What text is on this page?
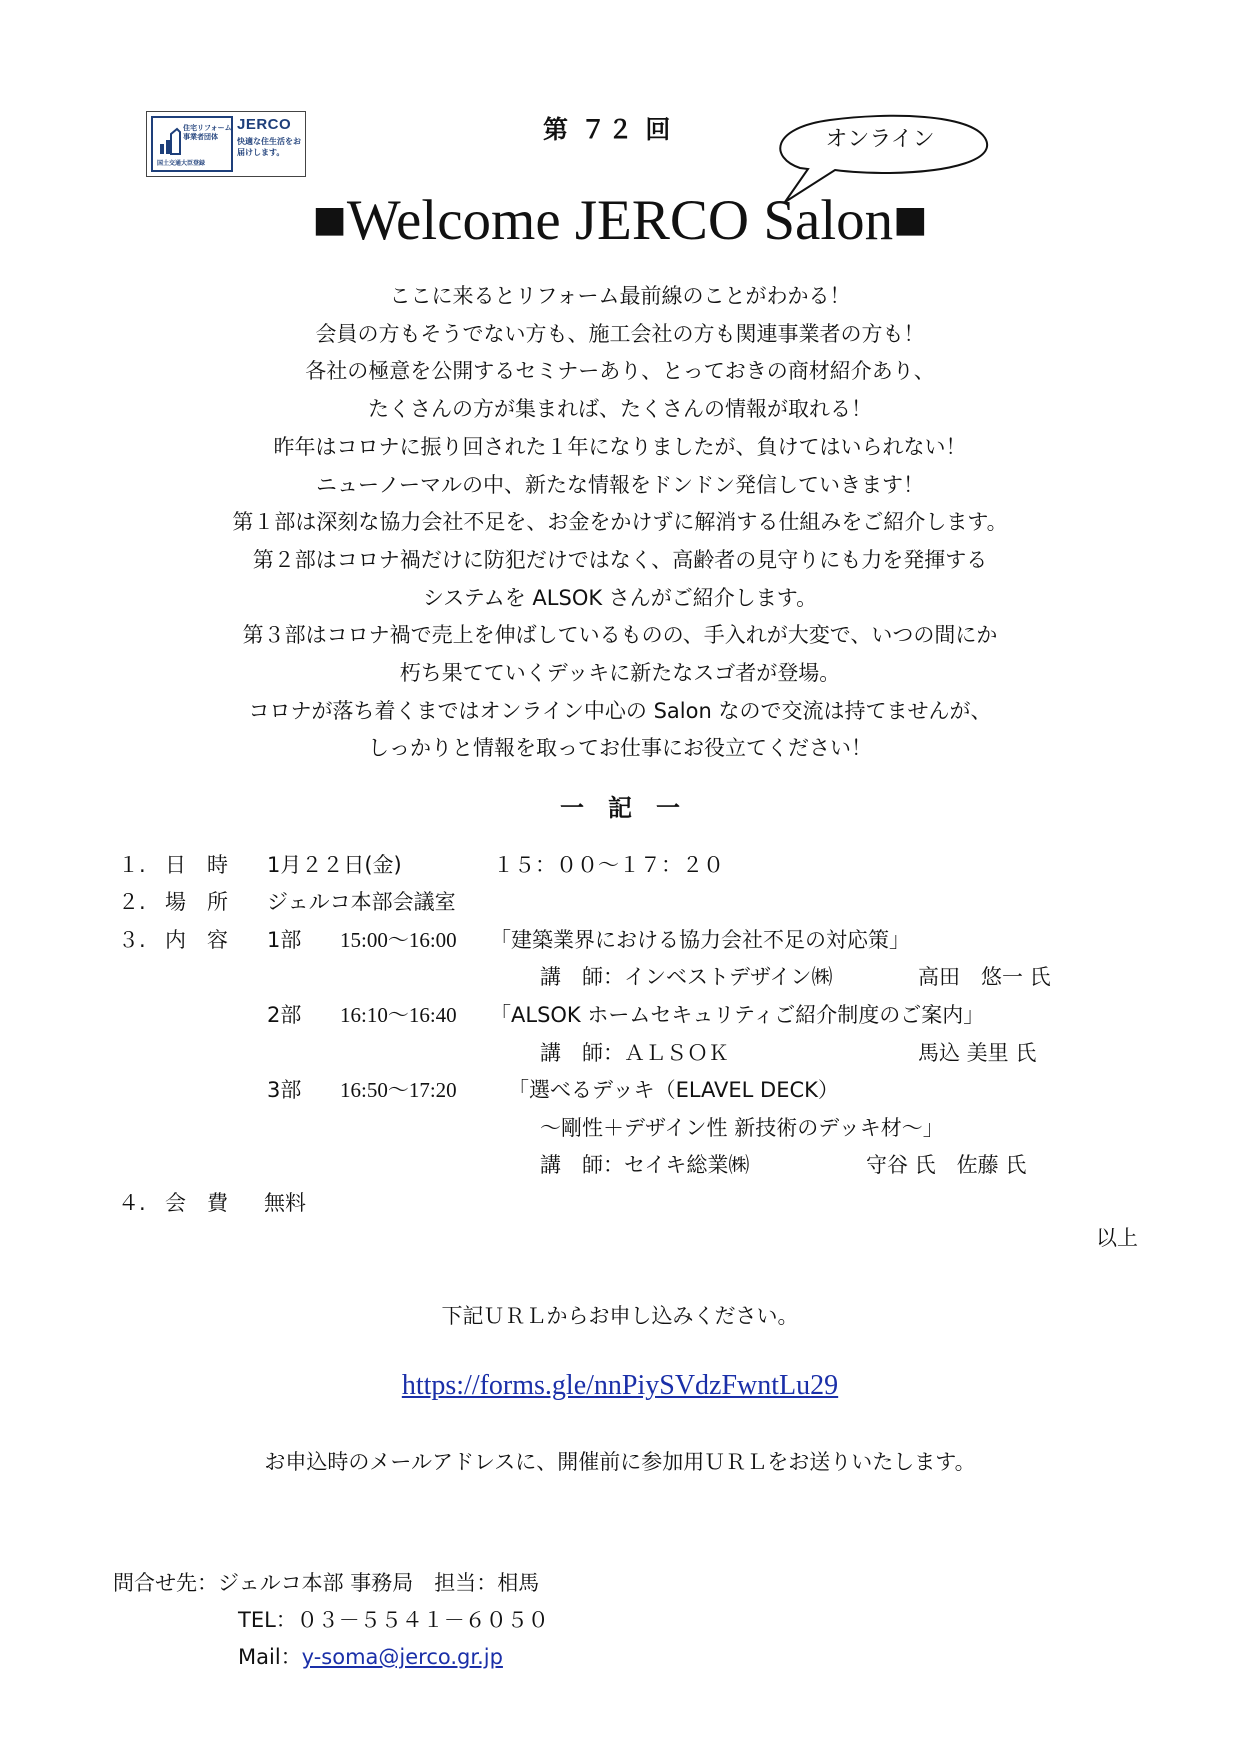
住宅リフォーム事業者団体
国土交通大臣登録
JERCO
快適な住生活をお届けします。
第 ７２ 回	オンライン
■Welcome JERCO Salon■
ここに来るとリフォーム最前線のことがわかる！
会員の方もそうでない方も、施工会社の方も関連事業者の方も！
各社の極意を公開するセミナーあり、とっておきの商材紹介あり、
たくさんの方が集まれば、たくさんの情報が取れる！
昨年はコロナに振り回された１年になりましたが、負けてはいられない！
ニューノーマルの中、新たな情報をドンドン発信していきます！
第１部は深刻な協力会社不足を、お金をかけずに解消する仕組みをご紹介します。
第２部はコロナ禍だけに防犯だけではなく、高齢者の見守りにも力を発揮する
システムを ALSOK さんがご紹介します。
第３部はコロナ禍で売上を伸ばしているものの、手入れが大変で、いつの間にか
朽ち果てていくデッキに新たなスゴ者が登場。
コロナが落ち着くまではオンライン中心の Salon なので交流は持てませんが、
しっかりと情報を取ってお仕事にお役立てください！
一　記　一
１. 日　時 1月２２日(金)	１５：００～１７：２０
２. 場　所 ジェルコ本部会議室
３. 内　容 1部 15:00～16:00 「建築業界における協力会社不足の対応策」
講　師：インベストデザイン㈱	高田　悠一 氏
2部 16:10～16:40 「ALSOK ホームセキュリティご紹介制度のご案内」
講　師：ＡＬＳＯＫ	馬込 美里 氏
3部 16:50～17:20 「選べるデッキ（ELAVEL DECK）
～剛性＋デザイン性 新技術のデッキ材～」
講　師：セイキ総業㈱	守谷 氏　佐藤 氏
４. 会　費 無料
以上
下記ＵＲＬからお申し込みください。
https://forms.gle/nnPiySVdzFwntLu29
お申込時のメールアドレスに、開催前に参加用ＵＲＬをお送りいたします。
問合せ先：ジェルコ本部 事務局　担当：相馬
TEL：０３－５５４１－６０５０
Mail：y-soma@jerco.gr.jp
